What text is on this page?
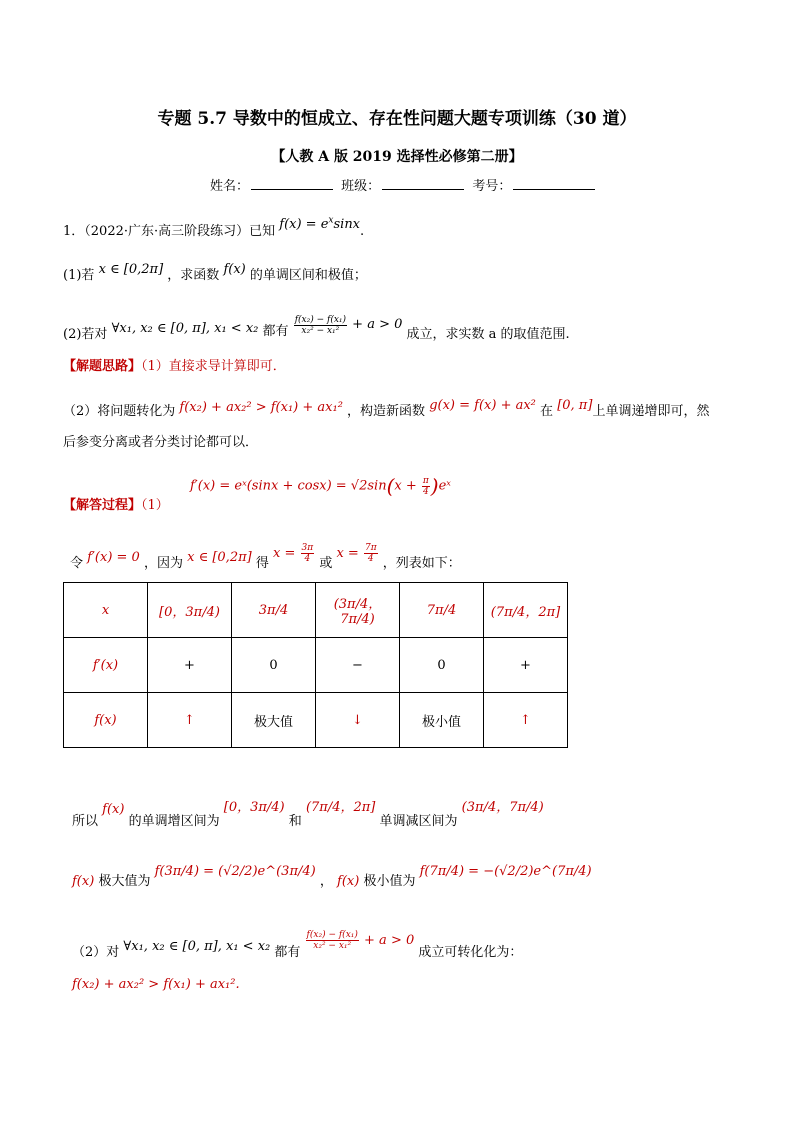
专题 5.7 导数中的恒成立、存在性问题大题专项训练（30 道）
【人教 A 版 2019 选择性必修第二册】
姓名：	班级：	考号：
1．（2022·广东·高三阶段练习）已知 $f(x) = e^x\sin x$.
(1)若 x ∈ [0,2π] ，求函数 f(x) 的单调区间和极值；
(2)若对 ∀x₁, x₂ ∈ [0, π], x₁ < x₂ 都有 $\frac{\text{f(x₂) − f(x₁)}}{\text{x₂² − x₁²}} + a > 0$ 成立，求实数 a 的取值范围.
【解题思路】（1）直接求导计算即可．
（2）将问题转化为 f(x₂) + ax₂² > f(x₁) + ax₁² ，构造新函数 g(x) = f(x) + ax² 在 [0, π]上单调递增即可，然
后参变分离或者分类讨论都可以．
f′(x) = eˣ(sinx + $\cos x) = √2\sin(x + \frac{\pi}{4}$ )eˣ
【解答过程】（1）
令 f′(x) = 0 ，因为 x ∈ [0,2π] 得 $x = \frac{3\pi}{4}$ 或 $x = \frac{7\pi}{4}$ ，列表如下：
x	[0，3π/4)	3π/4	(3π/4，7π/4)	7π/4	(7π/4，2π]
f′(x)	+	0	−	0	+
f(x)	↑	极大值	↓	极小值	↑
所以 f(x) 的单调增区间为 [0，3π/4) 和 (7π/4，2π] 单调减区间为 (3π/4，7π/4)
f(x) 极大值为 f(3π/4) = (√2/2)e^(3π/4) ， f(x) 极小值为 f(7π/4) = −(√2/2)e^(7π/4)
（2）对 ∀x₁, x₂ ∈ [0, π], x₁ < x₂ 都有
$\frac{\text{f(x₂) − f(x₁)}}{\text{x₂² − x₁²}} + a > 0$ 成立可转化化为：
f(x₂) + ax₂² > f(x₁) + ax₁².
